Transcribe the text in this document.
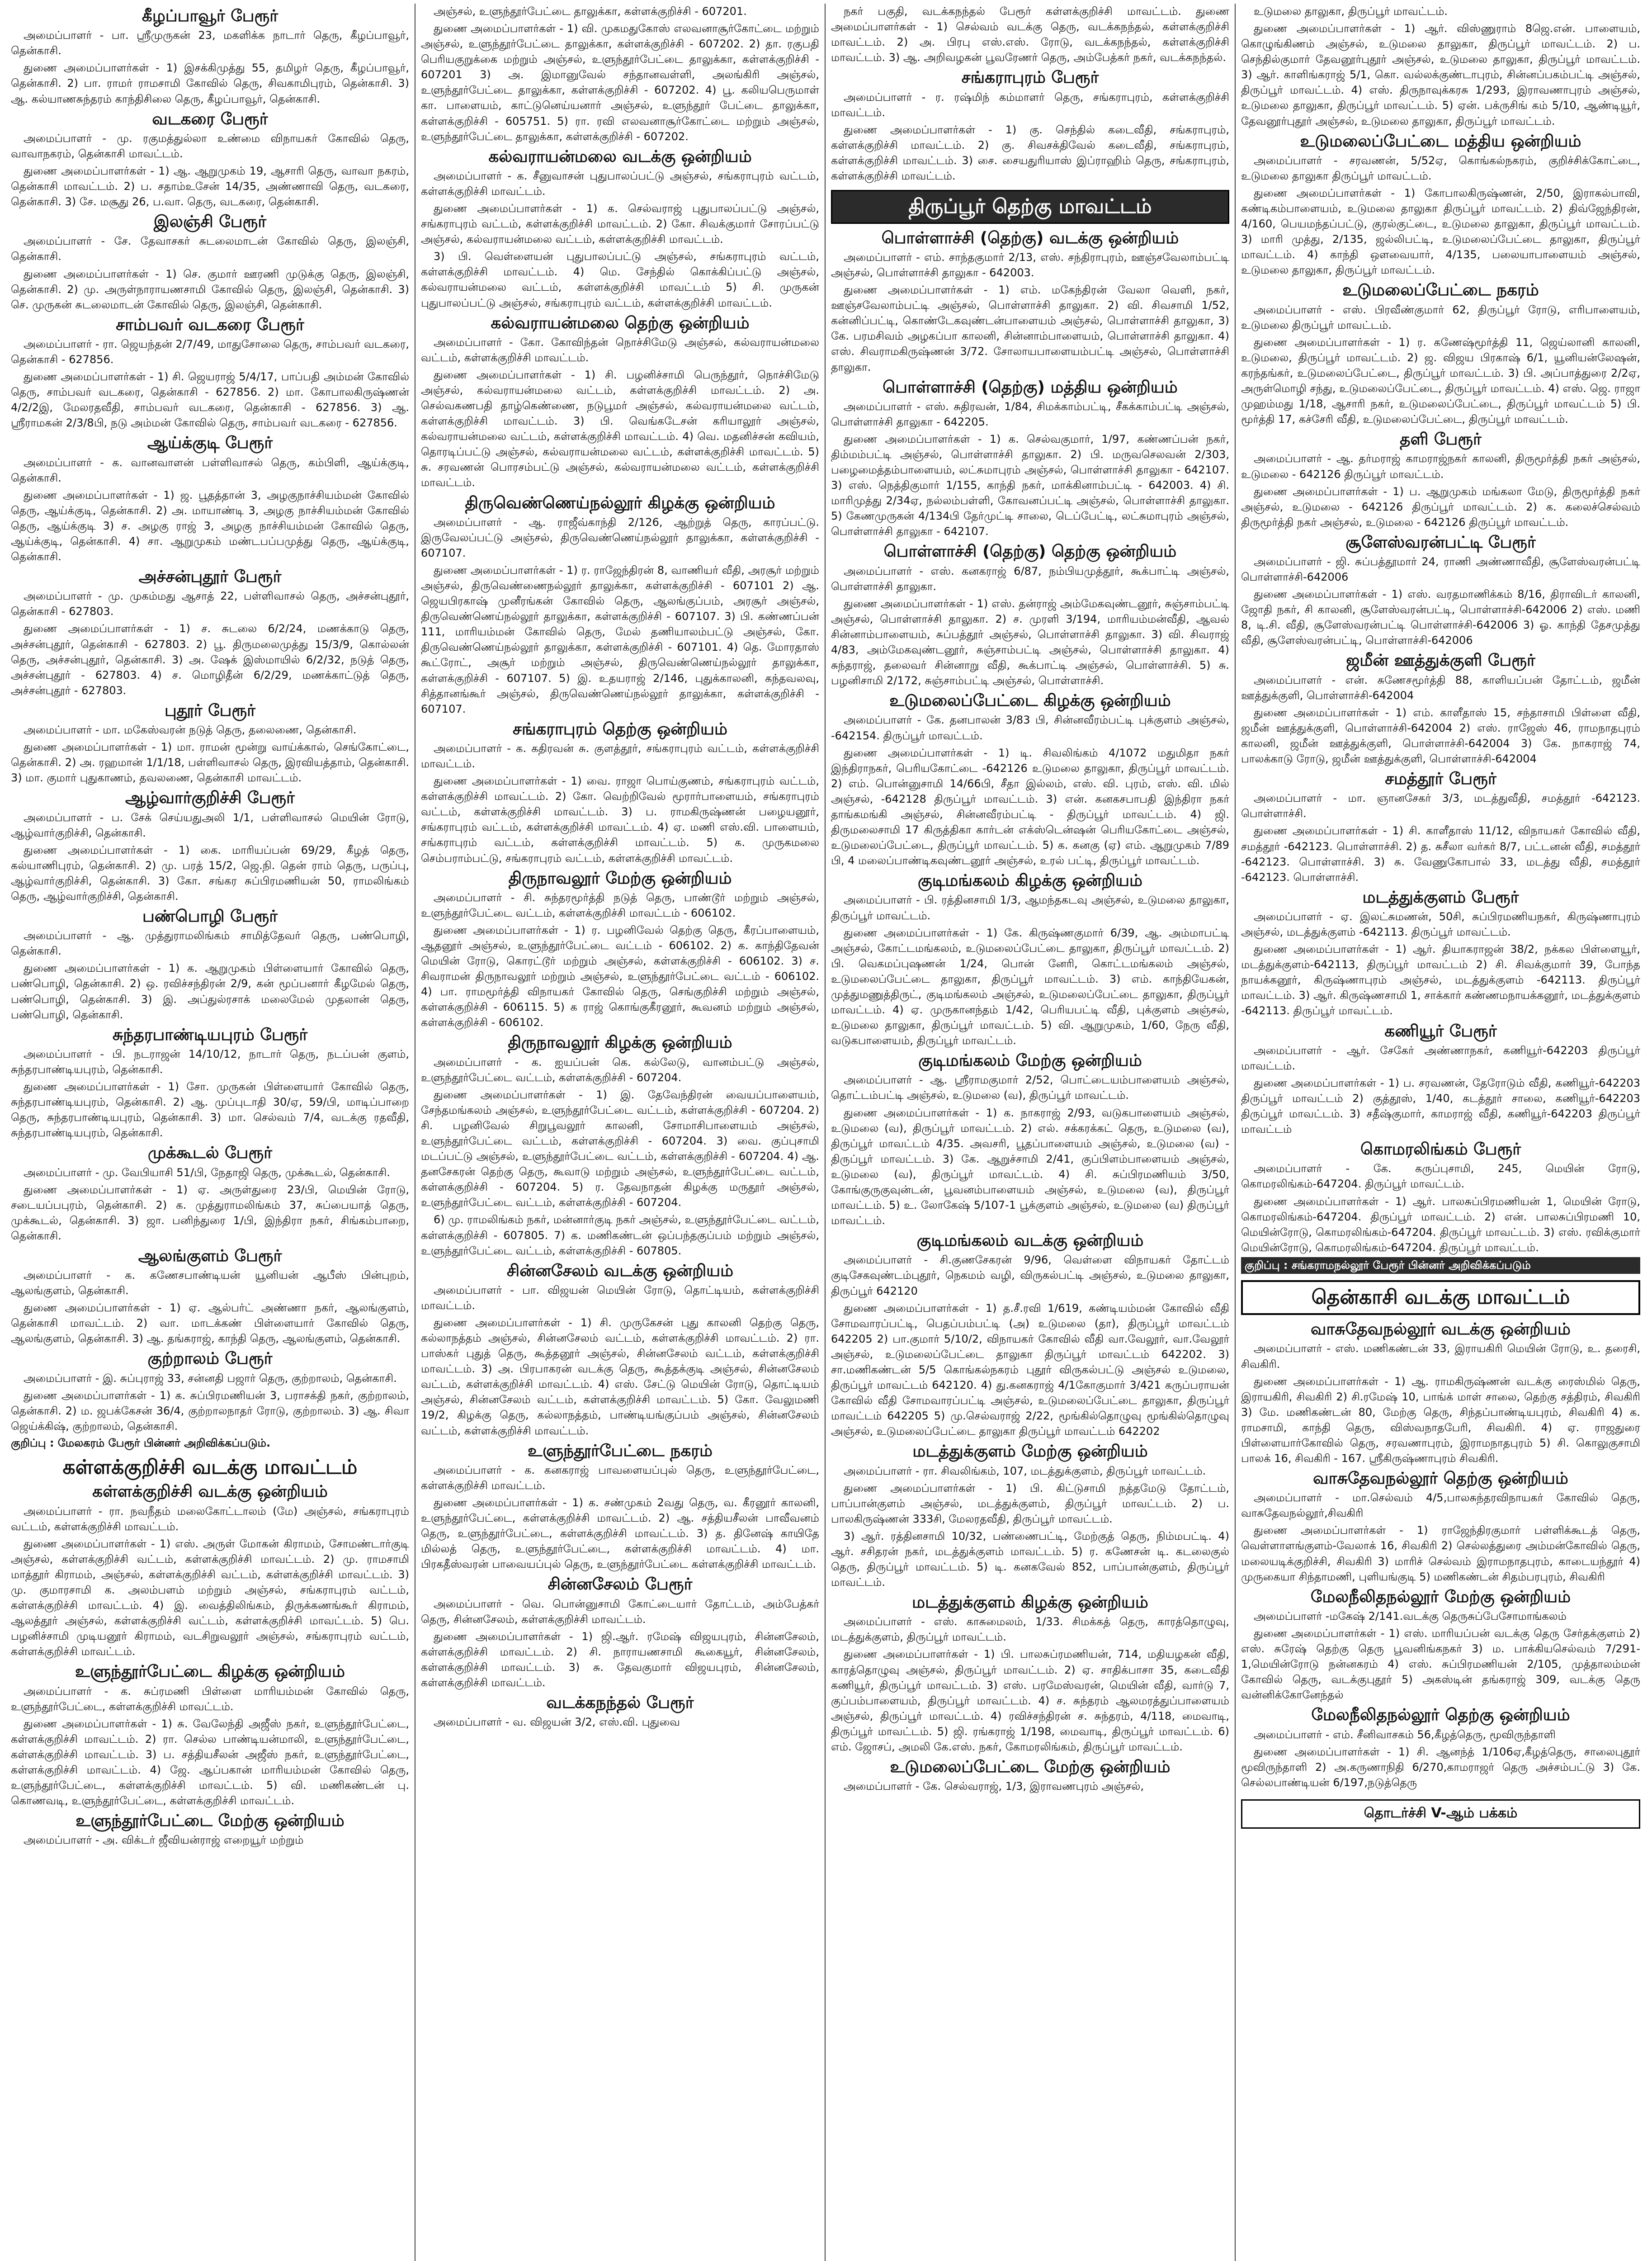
கீழப்பாவூர் பேரூர்

அமைப்பாளர் - பா. ஸ்ரீமுருகன் 23, மகளிக்க நாடார் தெரு, கீழப்பாவூர், தென்காசி.

துணை அமைப்பாளர்கள் - 1) இசக்கிமுத்து 55, தமிழர் தெரு, கீழப்பாவூர், தென்காசி. 2) பா. ராமர் ராமசாமி கோவில் தெரு, சிவகாமிபுரம், தென்காசி. 3) ஆ. கல்யாணசுந்தரம் காந்திசிலை தெரு, கீழப்பாவூர், தென்காசி.

வடகரை பேரூர்

அமைப்பாளர் - மு. ரகுமத்துல்லா உண்மை விநாயகர் கோவில் தெரு, வாவாநகரம், தென்காசி மாவட்டம்.

துணை அமைப்பாளர்கள் - 1) ஆ. ஆறுமுகம் 19, ஆசாரி தெரு, வாவா நகரம், தென்காசி மாவட்டம். 2) ப. சதாம்உசேன் 14/35, அண்ணாவி தெரு, வடகரை, தென்காசி. 3) சே. மசூது 26, ப.வா. தெரு, வடகரை, தென்காசி.

இலஞ்சி பேரூர்

அமைப்பாளர் - சே. தேவாசகர் சுடலைமாடன் கோவில் தெரு, இலஞ்சி, தென்காசி.

துணை அமைப்பாளர்கள் - 1) செ. குமார் ஊரணி முடுக்கு தெரு, இலஞ்சி, தென்காசி. 2) மு. அருள்நாராயணசாமி கோவில் தெரு, இலஞ்சி, தென்காசி. 3) செ. முருகன் சுடலைமாடன் கோவில் தெரு, இலஞ்சி, தென்காசி.

சாம்பவர் வடகரை பேரூர்

அமைப்பாளர் - ரா. ஜெயந்தன் 2/7/49, மாதுசோலை தெரு, சாம்பவர் வடகரை, தென்காசி - 627856.

துணை அமைப்பாளர்கள் - 1) சி. ஜெயராஜ் 5/4/17, பாப்பதி அம்மன் கோவில் தெரு, சாம்பவர் வடகரை, தென்காசி - 627856. 2) மா. கோபாலகிருஷ்ணன் 4/2/2இ, மேலரதவீதி, சாம்பவர் வடகரை, தென்காசி - 627856. 3) ஆ. ஸ்ரீராமகன் 2/3/8பி, நடு அம்மன் கோவில் தெரு, சாம்பவர் வடகரை - 627856.

ஆய்க்குடி பேரூர்

அமைப்பாளர் - க. வானவாளன் பள்ளிவாசல் தெரு, கம்பிளி, ஆய்க்குடி, தென்காசி.

துணை அமைப்பாளர்கள் - 1) ஜ. பூதத்தான் 3, அழகுநாச்சியம்மன் கோவில் தெரு, ஆய்க்குடி, தென்காசி. 2) அ. மாயாண்டி 3, அழகு நாச்சியம்மன் கோவில் தெரு, ஆய்க்குடி 3) ச. அழகு ராஜ் 3, அழகு நாச்சியம்மன் கோவில் தெரு, ஆய்க்குடி, தென்காசி. 4) சா. ஆறுமுகம் மண்டபப்பமுத்து தெரு, ஆய்க்குடி, தென்காசி.

அச்சன்புதூர் பேரூர்

அமைப்பாளர் - மு. முகம்மது ஆசாத் 22, பள்ளிவாசல் தெரு, அச்சன்புதூர், தென்காசி - 627803.

துணை அமைப்பாளர்கள் - 1) ச. சுடலை 6/2/24, மணக்காடு தெரு, அச்சன்புதூர், தென்காசி - 627803. 2) பூ. திருமலைமுத்து 15/3/9, கொல்லன் தெரு, அச்சன்புதூர், தென்காசி. 3) அ. ஷேக் இஸ்மாயில் 6/2/32, நடுத் தெரு, அச்சன்புதூர் - 627803. 4) ச. மொழிதீன் 6/2/29, மணக்காட்டுத் தெரு, அச்சன்புதூர் - 627803.

புதூர் பேரூர்

அமைப்பாளர் - மா. மகேஸ்வரன் நடுத் தெரு, தலைணை, தென்காசி.

துணை அமைப்பாளர்கள் - 1) மா. ராமன் மூன்று வாய்க்கால், செங்கோட்டை, தென்காசி. 2) அ. ரஹமான் 1/1/18, பள்ளிவாசல் தெரு, இரவியத்தாம், தென்காசி. 3) மா. குமார் புதுகாணம், தவலணை, தென்காசி மாவட்டம்.

ஆழ்வார்குறிச்சி பேரூர்

அமைப்பாளர் - ப. சேக் செய்யதுஅலி 1/1, பள்ளிவாசல் மெயின் ரோடு, ஆழ்வார்குறிச்சி, தென்காசி.

துணை அமைப்பாளர்கள் - 1) கை. மாரியப்பன் 69/29, கீழத் தெரு, கல்யாணிபுரம், தென்காசி. 2) மு. பரத் 15/2, ஜெ.நி. தென் ராம் தெரு, பருப்பு, ஆழ்வார்குறிச்சி, தென்காசி. 3) கோ. சங்கர சுப்பிரமணியன் 50, ராமலிங்கம் தெரு, ஆழ்வார்குறிச்சி, தென்காசி.

பண்பொழி பேரூர்

அமைப்பாளர் - ஆ. முத்துராமலிங்கம் சாமித்தேவர் தெரு, பண்பொழி, தென்காசி.

துணை அமைப்பாளர்கள் - 1) க. ஆறுமுகம் பிள்ளையார் கோவில் தெரு, பண்பொழி, தென்காசி. 2) ஒ. ரவிச்சந்திரன் 2/9, கன் மூப்பனார் கீழமேல் தெரு, பண்பொழி, தென்காசி. 3) இ. அப்துல்ரசாக் மலைமேல் முதலான் தெரு, பண்பொழி, தென்காசி.

சுந்தரபாண்டியபுரம் பேரூர்

அமைப்பாளர் - பி. நடராஜன் 14/10/12, நாடார் தெரு, நடப்பன் குளம், சுந்தரபாண்டியபுரம், தென்காசி.

துணை அமைப்பாளர்கள் - 1) சோ. முருகன் பிள்ளையார் கோவில் தெரு, சுந்தரபாண்டியபுரம், தென்காசி. 2) ஆ. முப்புடாதி 30/ஏ, 59/பி, மாடிப்பாறை தெரு, சுந்தரபாண்டியபுரம், தென்காசி. 3) மா. செல்வம் 7/4, வடக்கு ரதவீதி, சுந்தரபாண்டியபுரம், தென்காசி.

முக்கூடல் பேரூர்

அமைப்பாளர் - மு. வேபியாசி 51/பி, நேதாஜி தெரு, முக்கூடல், தென்காசி.

துணை அமைப்பாளர்கள் - 1) ஏ. அருள்துரை 23/பி, மெயின் ரோடு, சடையப்பபுரம், தென்காசி. 2) க. முத்துராமலிங்கம் 37, சுப்பையாத் தெரு, முக்கூடல், தென்காசி. 3) ஜா. பனிந்துரை 1/பி, இந்திரா நகர், சிங்கம்பாறை, தென்காசி.

ஆலங்குளம் பேரூர்

அமைப்பாளர் - க. கணேசபாண்டியன் யூனியன் ஆபீஸ் பின்புறம், ஆலங்குளம், தென்காசி.

துணை அமைப்பாளர்கள் - 1) ஏ. ஆல்பர்ட் அண்ணா நகர், ஆலங்குளம், தென்காசி மாவட்டம். 2) வா. மாடக்கண் பிள்ளையார் கோவில் தெரு, ஆலங்குளம், தென்காசி. 3) ஆ. தங்கராஜ், காந்தி தெரு, ஆலங்குளம், தென்காசி.

குற்றாலம் பேரூர்

அமைப்பாளர் - இ. சுப்புராஜ் 33, சன்னதி பஜார் தெரு, குற்றாலம், தென்காசி.

துணை அமைப்பாளர்கள் - 1) க. சுப்பிரமணியன் 3, பராசக்தி நகர், குற்றாலம், தென்காசி. 2) ம. ஜபக்கேசன் 36/4, குற்றாலநாதர் ரோடு, குற்றாலம். 3) ஆ. சிவா ஜெய்க்கிஷ், குற்றாலம், தென்காசி.

குறிப்பு : மேலகரம் பேரூர் பின்னர் அறிவிக்கப்படும்.
கள்ளக்குறிச்சி வடக்கு மாவட்டம்
கள்ளக்குறிச்சி வடக்கு ஒன்றியம்

அமைப்பாளர் - ரா. நவநீதம் மலைகோட்டாலம் (மே) அஞ்சல், சங்கராபுரம் வட்டம், கள்ளக்குறிச்சி மாவட்டம்.

துணை அமைப்பாளர்கள் - 1) எஸ். அருள் மோகன் கிராமம், சோமண்டார்குடி அஞ்சல், கள்ளக்குறிச்சி வட்டம், கள்ளக்குறிச்சி மாவட்டம். 2) மு. ராமசாமி மாத்தூர் கிராமம், அஞ்சல், கள்ளக்குறிச்சி வட்டம், கள்ளக்குறிச்சி மாவட்டம். 3) மு. குமாரசாமி க. அலம்பளம் மற்றும் அஞ்சல், சங்கராபுரம் வட்டம், கள்ளக்குறிச்சி மாவட்டம். 4) இ. வைத்திலிங்கம், திருக்கணங்கூர் கிராமம், ஆலத்தூர் அஞ்சல், கள்ளக்குறிச்சி வட்டம், கள்ளக்குறிச்சி மாவட்டம். 5) பெ. பழனிச்சாமி முடியனூர் கிராமம், வடசிறுவலூர் அஞ்சல், சங்கராபுரம் வட்டம், கள்ளக்குறிச்சி மாவட்டம்.

உளுந்தூர்பேட்டை கிழக்கு ஒன்றியம்

அமைப்பாளர் - க. சுப்ரமணி பிள்ளை மாரியம்மன் கோவில் தெரு, உளுந்தூர்பேட்டை, கள்ளக்குறிச்சி மாவட்டம்.

துணை அமைப்பாளர்கள் - 1) சு. வேலேந்தி அஜீஸ் நகர், உளுந்தூர்பேட்டை, கள்ளக்குறிச்சி மாவட்டம். 2) ரா. செல்ல பாண்டியன்மாலி, உளுந்தூர்பேட்டை, கள்ளக்குறிச்சி மாவட்டம். 3) ப. சத்தியசீலன் அஜீஸ் நகர், உளுந்தூர்பேட்டை, கள்ளக்குறிச்சி மாவட்டம். 4) ஜே. ஆப்பகான் மாரியம்மன் கோவில் தெரு, உளுந்தூர்பேட்டை, கள்ளக்குறிச்சி மாவட்டம். 5) வி. மணிகண்டன் பு. கொணவடி, உளுந்தூர்பேட்டை, கள்ளக்குறிச்சி மாவட்டம்.

உளுந்தூர்பேட்டை மேற்கு ஒன்றியம்

அமைப்பாளர் - அ. விக்டர் ஜீவியன்ராஜ் எறையூர் மற்றும்

அஞ்சல், உளுந்தூர்பேட்டை தாலுக்கா, கள்ளக்குறிச்சி - 607201.

துணை அமைப்பாளர்கள் - 1) வி. முகமதுகோஸ் எலவனாசூர்கோட்டை மற்றும் அஞ்சல், உளுந்தூர்பேட்டை தாலுக்கா, கள்ளக்குறிச்சி - 607202. 2) தா. ரகுபதி பெரியகுறுக்கை மற்றும் அஞ்சல், உளுந்தூர்பேட்டை தாலுக்கா, கள்ளக்குறிச்சி - 607201 3) அ. இமானுவேல் சந்தானவள்ளி, அலங்கிரி அஞ்சல், உளுந்தூர்பேட்டை தாலுக்கா, கள்ளக்குறிச்சி - 607202. 4) பூ. கலியபெருமாள் கா. பாளையம், காட்டுனெய்யனார் அஞ்சல், உளுந்தூர் பேட்டை தாலுக்கா, கள்ளக்குறிச்சி - 605751. 5) ரா. ரவி எலவனாசூர்கோட்டை மற்றும் அஞ்சல், உளுந்தூர்பேட்டை தாலுக்கா, கள்ளக்குறிச்சி - 607202.

கல்வராயன்மலை வடக்கு ஒன்றியம்

அமைப்பாளர் - க. சீனுவாசன் புதுபாலப்பட்டு அஞ்சல், சங்கராபுரம் வட்டம், கள்ளக்குறிச்சி மாவட்டம்.

துணை அமைப்பாளர்கள் - 1) க. செல்வராஜ் புதுபாலப்பட்டு அஞ்சல், சங்கராபுரம் வட்டம், கள்ளக்குறிச்சி மாவட்டம். 2) கோ. சிவக்குமார் சோரப்பட்டு அஞ்சல், கல்வராயன்மலை வட்டம், கள்ளக்குறிச்சி மாவட்டம்.

3) பி. வெள்ளையன் புதுபாலப்பட்டு அஞ்சல், சங்கராபுரம் வட்டம், கள்ளக்குறிச்சி மாவட்டம். 4) மெ. சேந்தில் கொக்கிப்பட்டு அஞ்சல், கல்வராயன்மலை வட்டம், கள்ளக்குறிச்சி மாவட்டம் 5) சி. முருகன் புதுபாலப்பட்டு அஞ்சல், சங்கராபுரம் வட்டம், கள்ளக்குறிச்சி மாவட்டம்.

கல்வராயன்மலை தெற்கு ஒன்றியம்

அமைப்பாளர் - கோ. கோவிந்தன் நொச்சிமேடு அஞ்சல், கல்வராயன்மலை வட்டம், கள்ளக்குறிச்சி மாவட்டம்.

துணை அமைப்பாளர்கள் - 1) சி. பழனிச்சாமி பெருந்தூர், நொச்சிமேடு அஞ்சல், கல்வராயன்மலை வட்டம், கள்ளக்குறிச்சி மாவட்டம். 2) அ. செல்வகணபதி தாழ்கெண்ணை, நடுபூமர் அஞ்சல், கல்வராயன்மலை வட்டம், கள்ளக்குறிச்சி மாவட்டம். 3) பி. வெங்கடேசன் கரியாலூர் அஞ்சல், கல்வராயன்மலை வட்டம், கள்ளக்குறிச்சி மாவட்டம். 4) வெ. மதனிச்சன் கவியம், தொரடிப்பட்டு அஞ்சல், கல்வராயன்மலை வட்டம், கள்ளக்குறிச்சி மாவட்டம். 5) சு. சரவணன் பொரசம்பட்டு அஞ்சல், கல்வராயன்மலை வட்டம், கள்ளக்குறிச்சி மாவட்டம்.

திருவெண்ணெய்நல்லூர் கிழக்கு ஒன்றியம்

அமைப்பாளர் - ஆ. ராஜீவ்காந்தி 2/126, ஆற்றுத் தெரு, காரப்பட்டு. இருவேலப்பட்டு அஞ்சல், திருவெண்ணெய்நல்லூர் தாலுக்கா, கள்ளக்குறிச்சி - 607107.

துணை அமைப்பாளர்கள் - 1) ர. ராஜேந்திரன் 8, வாணியர் வீதி, அரசூர் மற்றும் அஞ்சல், திருவெண்ணைநல்லூர் தாலுக்கா, கள்ளக்குறிச்சி - 607101 2) ஆ. ஜெயபிரகாஷ் முனீரங்கன் கோவில் தெரு, ஆலங்குப்பம், அரசூர் அஞ்சல், திருவெண்ணெய்நல்லூர் தாலுக்கா, கள்ளக்குறிச்சி - 607107. 3) பி. கண்ணப்பன் 111, மாரியம்மன் கோவில் தெரு, மேல் தணியாலம்பட்டு அஞ்சல், கோ. திருவெண்ணெய்நல்லூர் தாலுக்கா, கள்ளக்குறிச்சி - 607101. 4) தெ. மோரதாஸ் கூட்ரோட், அசூர் மற்றும் அஞ்சல், திருவெண்ணெய்நல்லூர் தாலுக்கா, கள்ளக்குறிச்சி - 607107. 5) இ. உதயராஜ் 2/146, புதுக்காலனி, கந்தவலவு, சித்தானங்கூர் அஞ்சல், திருவெண்ணெய்நல்லூர் தாலுக்கா, கள்ளக்குறிச்சி - 607107.

சங்கராபுரம் தெற்கு ஒன்றியம்

அமைப்பாளர் - க. கதிரவன் சு. குளத்தூர், சங்கராபுரம் வட்டம், கள்ளக்குறிச்சி மாவட்டம்.

துணை அமைப்பாளர்கள் - 1) வை. ராஜா பொய்குணம், சங்கராபுரம் வட்டம், கள்ளக்குறிச்சி மாவட்டம். 2) கோ. வெற்றிவேல் மூரார்பாளையம், சங்கராபுரம் வட்டம், கள்ளக்குறிச்சி மாவட்டம். 3) ப. ராமகிருஷ்ணன் பழையனூர், சங்கராபுரம் வட்டம், கள்ளக்குறிச்சி மாவட்டம். 4) ஏ. மணி எஸ்.வி. பாளையம், சங்கராபுரம் வட்டம், கள்ளக்குறிச்சி மாவட்டம். 5) க. முருகமலை செம்பராம்பட்டு, சங்கராபுரம் வட்டம், கள்ளக்குறிச்சி மாவட்டம்.

திருநாவலூர் மேற்கு ஒன்றியம்

அமைப்பாளர் - சி. சுந்தரமூர்த்தி நடுத் தெரு, பாண்டூர் மற்றும் அஞ்சல், உளுந்தூர்பேட்டை வட்டம், கள்ளக்குறிச்சி மாவட்டம் - 606102.

துணை அமைப்பாளர்கள் - 1) ர. பழனிவேல் தெற்கு தெரு, கீரப்பாளையம், ஆதனூர் அஞ்சல், உளுந்தூர்பேட்டை வட்டம் - 606102. 2) க. காந்திதேவன் மெயின் ரோடு, கொரட்டூர் மற்றும் அஞ்சல், கள்ளக்குறிச்சி - 606102. 3) ச. சிவராமன் திருநாவலூர் மற்றும் அஞ்சல், உளுந்தூர்பேட்டை வட்டம் - 606102. 4) பா. ராமமூர்த்தி விநாயகர் கோவில் தெரு, செங்குறிச்சி மற்றும் அஞ்சல், கள்ளக்குறிச்சி - 606115. 5) க ராஜ் கொங்குகீரனூர், கூவனம் மற்றும் அஞ்சல், கள்ளக்குறிச்சி - 606102.

திருநாவலூர் கிழக்கு ஒன்றியம்

அமைப்பாளர் - க. ஐயப்பன் கெ. கல்லேடு, வானம்பட்டு அஞ்சல், உளுந்தூர்பேட்டை வட்டம், கள்ளக்குறிச்சி - 607204.

துணை அமைப்பாளர்கள் - 1) இ. தேவேந்திரன் வையப்பாளையம், சேந்தமங்கலம் அஞ்சல், உளுந்தூர்பேட்டை வட்டம், கள்ளக்குறிச்சி - 607204. 2) சி. பழனிவேல் சிறுபூவலூர் காலனி, சோமாசிபாளையம் அஞ்சல், உளுந்தூர்பேட்டை வட்டம், கள்ளக்குறிச்சி - 607204. 3) வை. குப்புசாமி மடப்பட்டு அஞ்சல், உளுந்தூர்பேட்டை வட்டம், கள்ளக்குறிச்சி - 607204. 4) ஆ. தனசேகரன் தெற்கு தெரு, கூவாடு மற்றும் அஞ்சல், உளுந்தூர்பேட்டை வட்டம், கள்ளக்குறிச்சி - 607204. 5) ர. தேவநாதன் கிழக்கு மருதூர் அஞ்சல், உளுந்தூர்பேட்டை வட்டம், கள்ளக்குறிச்சி - 607204.

6) மு. ராமலிங்கம் நகர், மன்னார்குடி நகர் அஞ்சல், உளுந்தூர்பேட்டை வட்டம், கள்ளக்குறிச்சி - 607805. 7) க. மணிகண்டன் ஒப்பந்தகுப்பம் மற்றும் அஞ்சல், உளுந்தூர்பேட்டை வட்டம், கள்ளக்குறிச்சி - 607805.

சின்னசேலம் வடக்கு ஒன்றியம்

அமைப்பாளர் - பா. விஜயன் மெயின் ரோடு, தொட்டியம், கள்ளக்குறிச்சி மாவட்டம்.

துணை அமைப்பாளர்கள் - 1) சி. முருகேசன் புது காலனி தெற்கு தெரு, கல்லாநத்தம் அஞ்சல், சின்னசேலம் வட்டம், கள்ளக்குறிச்சி மாவட்டம். 2) ரா. பாஸ்கர் புதுத் தெரு, கூத்தனூர் அஞ்சல், சின்னசேலம் வட்டம், கள்ளக்குறிச்சி மாவட்டம். 3) அ. பிரபாகரன் வடக்கு தெரு, கூத்தக்குடி அஞ்சல், சின்னசேலம் வட்டம், கள்ளக்குறிச்சி மாவட்டம். 4) எஸ். சேட்டு மெயின் ரோடு, தொட்டியம் அஞ்சல், சின்னசேலம் வட்டம், கள்ளக்குறிச்சி மாவட்டம். 5) கோ. வேலுமணி 19/2, கிழக்கு தெரு, கல்லாநத்தம், பாண்டியங்குப்பம் அஞ்சல், சின்னசேலம் வட்டம், கள்ளக்குறிச்சி மாவட்டம்.

உளுந்தூர்பேட்டை நகரம்

அமைப்பாளர் - க. கனகராஜ் பாவளையப்புல் தெரு, உளுந்தூர்பேட்டை, கள்ளக்குறிச்சி மாவட்டம்.

துணை அமைப்பாளர்கள் - 1) க. சண்முகம் 2வது தெரு, வ. கீரனூர் காலனி, உளுந்தூர்பேட்டை, கள்ளக்குறிச்சி மாவட்டம். 2) ஆ. சத்தியசீலன் பாவீவனம் தெரு, உளுந்தூர்பேட்டை, கள்ளக்குறிச்சி மாவட்டம். 3) த. தினேஷ் காயிதே மில்லத் தெரு, உளுந்தூர்பேட்டை, கள்ளக்குறிச்சி மாவட்டம். 4) மா. பிரகதீஸ்வரன் பாவையப்புல் தெரு, உளுந்தூர்பேட்டை கள்ளக்குறிச்சி மாவட்டம்.

சின்னசேலம் பேரூர்

அமைப்பாளர் - வெ. பொன்னுசாமி கோட்டையார் தோட்டம், அம்பேத்கர் தெரு, சின்னசேலம், கள்ளக்குறிச்சி மாவட்டம்.

துணை அமைப்பாளர்கள் - 1) ஜி.ஆர். ரமேஷ் விஜயபுரம், சின்னசேலம், கள்ளக்குறிச்சி மாவட்டம். 2) சி. நாராயணசாமி கூகையூர், சின்னசேலம், கள்ளக்குறிச்சி மாவட்டம். 3) சு. தேவகுமார் விஜயபுரம், சின்னசேலம், கள்ளக்குறிச்சி மாவட்டம்.

வடக்கநந்தல் பேரூர்

அமைப்பாளர் - வ. விஜயன் 3/2, எஸ்.வி. புதுவை

நகர் பகுதி, வடக்கநந்தல் பேரூர் கள்ளக்குறிச்சி மாவட்டம். துணை அமைப்பாளர்கள் - 1) செல்வம் வடக்கு தெரு, வடக்கநந்தல், கள்ளக்குறிச்சி மாவட்டம். 2) அ. பிரபு எஸ்.எஸ். ரோடு, வடக்கநந்தல், கள்ளக்குறிச்சி மாவட்டம். 3) ஆ. அறிவழகன் பூவரேணர் தெரு, அம்பேத்கர் நகர், வடக்கநந்தல்.

சங்கராபுரம் பேரூர்

அமைப்பாளர் - ர. ரஷ்மிந் கம்மாளர் தெரு, சங்கராபுரம், கள்ளக்குறிச்சி மாவட்டம்.

துணை அமைப்பாளர்கள் - 1) கு. செந்தில் கடைவீதி, சங்கராபுரம், கள்ளக்குறிச்சி மாவட்டம். 2) கு. சிவசக்திவேல் கடைவீதி, சங்கராபுரம், கள்ளக்குறிச்சி மாவட்டம். 3) சை. சையதுரியாஸ் இப்ராஹிம் தெரு, சங்கராபுரம், கள்ளக்குறிச்சி மாவட்டம்.

திருப்பூர் தெற்கு மாவட்டம்
பொள்ளாச்சி (தெற்கு) வடக்கு ஒன்றியம்

அமைப்பாளர் - எம். சாந்தகுமார் 2/13, எஸ். சந்திராபுரம், ஊஞ்சவேலாம்பட்டி அஞ்சல், பொள்ளாச்சி தாலுகா - 642003.

துணை அமைப்பாளர்கள் - 1) எம். மகேந்திரன் வேலா வெளி, நகர், ஊஞ்சவேலாம்பட்டி அஞ்சல், பொள்ளாச்சி தாலுகா. 2) வி. சிவசாமி 1/52, கன்னிப்பட்டி, கொண்டேகவுண்டன்பாளையம் அஞ்சல், பொள்ளாச்சி தாலுகா, 3) கே. பரமசிவம் அழகப்பா காலனி, சின்னாம்பாளையம், பொள்ளாச்சி தாலுகா. 4) எஸ். சிவராமகிருஷ்ணன் 3/72. சோலாயபாளையம்பட்டி அஞ்சல், பொள்ளாச்சி தாலுகா.

பொள்ளாச்சி (தெற்கு) மத்திய ஒன்றியம்

அமைப்பாளர் - எஸ். சுதிரவன், 1/84, சிமக்காம்பட்டி, சீகக்காம்பட்டி அஞ்சல், பொள்ளாச்சி தாலுகா - 642205.

துணை அமைப்பாளர்கள் - 1) க. செல்வகுமார், 1/97, கண்ணப்பன் நகர், திம்மம்பட்டி அஞ்சல், பொள்ளாச்சி தாலுகா. 2) பி. மருவசெலவன் 2/303, பழைமைத்தம்பாளையம், லட்சுமாபுரம் அஞ்சல், பொள்ளாச்சி தாலுகா - 642107. 3) எஸ். நெத்திகுமார் 1/155, காந்தி நகர், மாக்கினாம்பட்டி - 642003. 4) சி. மாரிமுத்து 2/34ஏ, நல்லம்பள்ளி, கோவனப்பட்டி அஞ்சல், பொள்ளாச்சி தாலுகா. 5) கேணமுருகன் 4/134பி தேர்முட்டி சாலை, டெப்பேட்டி, லட்சுமாபுரம் அஞ்சல், பொள்ளாச்சி தாலுகா - 642107.

பொள்ளாச்சி (தெற்கு) தெற்கு ஒன்றியம்

அமைப்பாளர் - எஸ். கனகராஜ் 6/87, நம்பியமுத்தூர், கூக்பாட்டி அஞ்சல், பொள்ளாச்சி தாலுகா.

துணை அமைப்பாளர்கள் - 1) எஸ். தன்ராஜ் அம்மேகவுண்டனூர், சுஞ்சாம்பட்டி அஞ்சல், பொள்ளாச்சி தாலுகா. 2) ச. முரளி 3/194, மாரியம்மன்வீதி, ஆவல் சின்னாம்பாளையம், சுப்பத்தூர் அஞ்சல், பொள்ளாச்சி தாலுகா. 3) வி. சிவராஜ் 4/83, அம்மேகவுண்டனூர், சுஞ்சாம்பட்டி அஞ்சல், பொள்ளாச்சி தாலுகா. 4) சுந்தராஜ், தலைவர் சின்னாறு வீதி, கூக்பாட்டி அஞ்சல், பொள்ளாச்சி. 5) சு. பழனிசாமி 2/172, சுஞ்சாம்பட்டி அஞ்சல், பொள்ளாச்சி.

உடுமலைப்பேட்டை கிழக்கு ஒன்றியம்

அமைப்பாளர் - கே. தனபாலன் 3/83 பி, சின்னவீரம்பட்டி புக்குளம் அஞ்சல், -642154. திருப்பூர் மாவட்டம்.

துணை அமைப்பாளர்கள் - 1) டி. சிவலிங்கம் 4/1072 மதுமிதா நகர் இந்திராநகர், பெரியகோட்டை -642126 உடுமலை தாலுகா, திருப்பூர் மாவட்டம். 2) எம். பொன்னுசாமி 14/66பி, சீதா இல்லம், எஸ். வி. புரம், எஸ். வி. மில் அஞ்சல், -642128 திருப்பூர் மாவட்டம். 3) என். கனகசபாபதி இந்திரா நகர் தாங்கமங்கி அஞ்சல், சின்னவீரம்பட்டி - திருப்பூர் மாவட்டம். 4) ஜி. திருமலைசாமி 17 கிருத்திகா கார்டன் எக்ஸ்டென்ஷன் பெரியகோட்டை அஞ்சல், உடுமலைப்பேட்டை, திருப்பூர் மாவட்டம். 5) க. கனகு (ஏ) எம். ஆறுமுகம் 7/89 பி, 4 மலைப்பாண்டிகவுண்டனூர் அஞ்சல், உரல் பட்டி, திருப்பூர் மாவட்டம்.

குடிமங்கலம் கிழக்கு ஒன்றியம்

அமைப்பாளர் - பி. ரத்தினசாமி 1/3, ஆமந்தகடவு அஞ்சல், உடுமலை தாலுகா, திருப்பூர் மாவட்டம்.

துணை அமைப்பாளர்கள் - 1) கே. கிருஷ்ணகுமார் 6/39, ஆ. அம்மாபட்டி அஞ்சல், கோட்டமங்கலம், உடுமலைப்பேட்டை தாலுகா, திருப்பூர் மாவட்டம். 2) பி. வெகமப்புஷணன் 1/24, பொன் னேரி, கொட்டமங்கலம் அஞ்சல், உடுமலைப்பேட்டை தாலுகா, திருப்பூர் மாவட்டம். 3) எம். காந்தியேகன், முத்துமணுத்திருட், குடிமங்கலம் அஞ்சல், உடுமலைப்பேட்டை தாலுகா, திருப்பூர் மாவட்டம். 4) ஏ. முருகானந்தம் 1/42, பெரியபட்டி வீதி, புக்குளம் அஞ்சல், உடுமலை தாலுகா, திருப்பூர் மாவட்டம். 5) வி. ஆறுமுகம், 1/60, நேரு வீதி, வடுகபாளையம், திருப்பூர் மாவட்டம்.

குடிமங்கலம் மேற்கு ஒன்றியம்

அமைப்பாளர் - ஆ. ஸ்ரீராமகுமார் 2/52, பொட்டையம்பாளையம் அஞ்சல், தொட்டம்பட்டி அஞ்சல், உடுமலை (வ), திருப்பூர் மாவட்டம்.

துணை அமைப்பாளர்கள் - 1) க. நாகராஜ் 2/93, வடுகபாளையம் அஞ்சல், உடுமலை (வ), திருப்பூர் மாவட்டம். 2) எல். சக்கரக்கட் தெரு, உடுமலை (வ), திருப்பூர் மாவட்டம் 4/35. அவசரி, பூதப்பாளையம் அஞ்சல், உடுமலை (வ) - திருப்பூர் மாவட்டம். 3) கே. ஆறுச்சாமி 2/41, குப்பிளம்பாளையம் அஞ்சல், உடுமலை (வ), திருப்பூர் மாவட்டம். 4) சி. சுப்பிரமணியம் 3/50, கோங்குருகுவுன்டன், பூவனம்பாளையம் அஞ்சல், உடுமலை (வ), திருப்பூர் மாவட்டம். 5) உ. லோகேஷ் 5/107-1 பூக்குளம் அஞ்சல், உடுமலை (வ) திருப்பூர் மாவட்டம்.

குடிமங்கலம் வடக்கு ஒன்றியம்

அமைப்பாளர் - சி.குணசேகரன் 9/96, வெள்ளை விநாயகர் தோட்டம் குடிசேகவுண்டம்புதூர், நெகமம் வழி, விருகல்பட்டி அஞ்சல், உடுமலை தாலுகா, திருப்பூர் 642120

துணை அமைப்பாளர்கள் - 1) த.சீ.ரவி 1/619, கண்டியம்மன் கோவில் வீதி சோமவாரப்பட்டி, பெதப்பம்பட்டி (அ) உடுமலை (தா), திருப்பூர் மாவட்டம் 642205 2) பா.குமார் 5/10/2, விநாயகர் கோவில் வீதி வா.வேலூர், வா.வேலூர் அஞ்சல், உடுமலைப்பேட்டை தாலுகா திருப்பூர் மாவட்டம் 642202. 3) சா.மணிகண்டன் 5/5 கொங்கல்நகரம் புதூர் விருகல்பட்டு அஞ்சல் உடுமலை, திருப்பூர் மாவட்டம் 642120. 4) து.கனகராஜ் 4/1கோகுமார் 3/421 கருப்பராயன் கோவில் வீதி சோமவாரப்பட்டி அஞ்சல், உடுமலைப்பேட்டை தாலுகா, திருப்பூர் மாவட்டம் 642205 5) மு.செல்வராஜ் 2/22, மூங்கில்தொழுவு மூங்கில்தொழுவு அஞ்சல், உடுமலைப்பேட்டை தாலுகா திருப்பூர் மாவட்டம் 642202

மடத்துக்குளம் மேற்கு ஒன்றியம்

அமைப்பாளர் - ரா. சிவலிங்கம், 107, மடத்துக்குளம், திருப்பூர் மாவட்டம்.

துணை அமைப்பாளர்கள் - 1) பி. கிட்டுசாமி நத்தமேடு தோட்டம், பாப்பான்குளம் அஞ்சல், மடத்துக்குளம், திருப்பூர் மாவட்டம். 2) ப. பாலகிருஷ்ணன் 333சி, மேலரதவீதி, திருப்பூர் மாவட்டம்.

3) ஆர். ரத்தினசாமி 10/32, பண்ணைபட்டி, மேற்குத் தெரு, நிம்மபட்டி. 4) ஆர். சசிதரன் நகர், மடத்துக்குளம் மாவட்டம். 5) ர. கணேசன் டி. கடலைகுல் தெரு, திருப்பூர் மாவட்டம். 5) டி. கனகவேல் 852, பாப்பான்குளம், திருப்பூர் மாவட்டம்.

மடத்துக்குளம் கிழக்கு ஒன்றியம்

அமைப்பாளர் - எஸ். காசுமைலம், 1/33. சிமக்கத் தெரு, காரத்தொழுவு, மடத்துக்குளம், திருப்பூர் மாவட்டம்.

துணை அமைப்பாளர்கள் - 1) பி. பாலசுப்ரமணியன், 714, மதியழகன் வீதி, காரத்தொழுவு அஞ்சல், திருப்பூர் மாவட்டம். 2) ஏ. சாதிக்பாசா 35, கடைவீதி கணியூர், திருப்பூர் மாவட்டம். 3) எஸ். பரமேஸ்வரன், மெயின் வீதி, வார்டு 7, குப்பம்பாளையம், திருப்பூர் மாவட்டம். 4) ச. சுந்தரம் ஆலமரத்துப்பாளையம் அஞ்சல், திருப்பூர் மாவட்டம். 4) ரவிச்சந்திரன் ச. சுந்தரம், 4/118, மைவாடி, திருப்பூர் மாவட்டம். 5) ஜி. ரங்கராஜ் 1/198, மைவாடி, திருப்பூர் மாவட்டம். 6) எம். ஜோசப், அமலி கே.எஸ். நகர், கோமரலிங்கம், திருப்பூர் மாவட்டம்.

உடுமலைப்பேட்டை மேற்கு ஒன்றியம்

அமைப்பாளர் - கே. செல்வராஜ், 1/3, இராவணபுரம் அஞ்சல்,

உடுமலை தாலுகா, திருப்பூர் மாவட்டம்.

துணை அமைப்பாளர்கள் - 1) ஆர். விஸ்ணுராம் 8ஜெ.என். பாளையம், கொழுங்கிணம் அஞ்சல், உடுமலை தாலுகா, திருப்பூர் மாவட்டம். 2) ப. செந்தில்குமார் தேவனூர்புதூர் அஞ்சல், உடுமலை தாலுகா, திருப்பூர் மாவட்டம். 3) ஆர். காளிங்கராஜ் 5/1, கொ. வல்லக்குண்டாபுரம், சின்னப்பகம்பட்டி அஞ்சல், திருப்பூர் மாவட்டம். 4) எஸ். திருநாவுக்கரசு 1/293, இராவணாபுரம் அஞ்சல், உடுமலை தாலுகா, திருப்பூர் மாவட்டம். 5) ஏன். பக்ருசிங் கம் 5/10, ஆண்டியூர், தேவனூர்புதூர் அஞ்சல், உடுமலை தாலுகா, திருப்பூர் மாவட்டம்.

உடுமலைப்பேட்டை மத்திய ஒன்றியம்

அமைப்பாளர் - சரவணன், 5/52ஏ, கொங்கல்நகரம், குறிச்சிக்கோட்டை, உடுமலை தாலுகா திருப்பூர் மாவட்டம்.

துணை அமைப்பாளர்கள் - 1) கோபாலகிருஷ்ணன், 2/50, இராகல்பாவி, கண்டிகம்பாளையம், உடுமலை தாலுகா திருப்பூர் மாவட்டம். 2) திவ்ஜேந்திரன், 4/160, பெயமந்தப்பட்டு, குரல்குட்டை, உடுமலை தாலுகா, திருப்பூர் மாவட்டம். 3) மாரி முத்து, 2/135, ஜல்லிபட்டி, உடுமலைப்பேட்டை தாலுகா, திருப்பூர் மாவட்டம். 4) காந்தி ஒளவையார், 4/135, பலையாபாளையம் அஞ்சல், உடுமலை தாலுகா, திருப்பூர் மாவட்டம்.

உடுமலைப்பேட்டை நகரம்

அமைப்பாளர் - எஸ். பிரவீண்குமார் 62, திருப்பூர் ரோடு, எரிபாளையம், உடுமலை திருப்பூர் மாவட்டம்.

துணை அமைப்பாளர்கள் - 1) ர. கணேஷ்மூர்த்தி 11, ஜெய்லானி காலனி, உடுமலை, திருப்பூர் மாவட்டம். 2) ஜ. விஜய பிரகாஷ் 6/1, யூனியன்லேஷன், கரந்தங்கர், உடுமலைப்பேட்டை, திருப்பூர் மாவட்டம். 3) பி. அப்பாத்துரை 2/2ஏ, அருள்மொழி சந்து, உடுமலைப்பேட்டை, திருப்பூர் மாவட்டம். 4) எஸ். ஜெ. ராஜா முஹம்மது 1/18, ஆசாரி நகர், உடுமலைப்பேட்டை, திருப்பூர் மாவட்டம் 5) பி. மூர்த்தி 17, கச்சேரி வீதி, உடுமலைப்பேட்டை, திருப்பூர் மாவட்டம்.

தளி பேரூர்

அமைப்பாளர் - ஆ. தர்மராஜ் காமராஜ்நகர் காலனி, திருமூர்த்தி நகர் அஞ்சல், உடுமலை - 642126 திருப்பூர் மாவட்டம்.

துணை அமைப்பாளர்கள் - 1) ப. ஆறுமுகம் மங்கலா மேடு, திருமூர்த்தி நகர் அஞ்சல், உடுமலை - 642126 திருப்பூர் மாவட்டம். 2) க. கலைச்செல்வம் திருமூர்த்தி நகர் அஞ்சல், உடுமலை - 642126 திருப்பூர் மாவட்டம்.

சூளேஸ்வரன்பட்டி பேரூர்

அமைப்பாளர் - ஜி. சுப்பத்தூமார் 24, ராணி அண்ணாவீதி, சூளேஸ்வரன்பட்டி பொள்ளாச்சி-642006

துணை அமைப்பாளர்கள் - 1) எஸ். வரதமாணிக்கம் 8/16, திராவிடர் காலனி, ஜோதி நகர், சி காலனி, சூளேஸ்வரன்பட்டி, பொள்ளாச்சி-642006 2) எஸ். மணி 8, டி.சி. வீதி, சூளேஸ்வரன்பட்டி பொள்ளாச்சி-642006 3) ஓ. காந்தி தேசமுத்து வீதி, சூளேஸ்வரன்பட்டி, பொள்ளாச்சி-642006

ஜமீன் ஊத்துக்குளி பேரூர்

அமைப்பாளர் - என். சுணேசமூர்த்தி 88, காளியப்பன் தோட்டம், ஜமீன் ஊத்துக்குளி, பொள்ளாச்சி-642004

துணை அமைப்பாளர்கள் - 1) எம். காளீதாஸ் 15, சந்தாசாமி பிள்ளை வீதி, ஜமீன் ஊத்துக்குளி, பொள்ளாச்சி-642004 2) எஸ். ராஜேஸ் 46, ராமநாதபுரம் காலனி, ஜமீன் ஊத்துக்குளி, பொள்ளாச்சி-642004 3) கே. நாகராஜ் 74, பாலக்காடு ரோடு, ஜமீன் ஊத்துக்குளி, பொள்ளாச்சி-642004

சமத்தூர் பேரூர்

அமைப்பாளர் - மா. ஞானசேகர் 3/3, மடத்துவீதி, சமத்தூர் -642123. பொள்ளாச்சி.

துணை அமைப்பாளர்கள் - 1) சி. காளீதாஸ் 11/12, விநாயகர் கோவில் வீதி, சமத்தூர் -642123. பொள்ளாச்சி. 2) த. சுசீலா வர்கர் 8/7, பட்டனன் வீதி, சமத்தூர் -642123. பொள்ளாச்சி. 3) சு. வேணுகோபால் 33, மடத்து வீதி, சமத்தூர் -642123. பொள்ளாச்சி.

மடத்துக்குளம் பேரூர்

அமைப்பாளர் - ஏ. இலட்சுமணன், 50சி, சுப்பிரமணியநகர், கிருஷ்ணாபுரம் அஞ்சல், மடத்துக்குளம் -642113. திருப்பூர் மாவட்டம்.

துணை அமைப்பாளர்கள் - 1) ஆர். தியாகராஜன் 38/2, நக்கல பிள்ளையூர், மடத்துக்குளம்-642113, திருப்பூர் மாவட்டம் 2) சி. சிவக்குமார் 39, போந்த நாயக்கனூர், கிருஷ்ணாபுரம் அஞ்சல், மடத்துக்குளம் -642113. திருப்பூர் மாவட்டம். 3) ஆர். கிருஷ்ணசாமி 1, சாக்கார் கண்ணமநாயக்கனூர், மடத்துக்குளம் -642113. திருப்பூர் மாவட்டம்.

கணியூர் பேரூர்

அமைப்பாளர் - ஆர். சேகேர் அண்ணாநகர், கணியூர்-642203 திருப்பூர் மாவட்டம்.

துணை அமைப்பாளர்கள் - 1) ப. சரவணன், தேரோடும் வீதி, கணியூர்-642203 திருப்பூர் மாவட்டம் 2) குத்தூஸ், 1/40, கடத்தூர் சாலை, கணியூர்-642203 திருப்பூர் மாவட்டம். 3) சதீஷ்குமார், காமராஜ் வீதி, கணியூர்-642203 திருப்பூர் மாவட்டம்

கொமரலிங்கம் பேரூர்

அமைப்பாளர் - கே. கருப்புசாமி, 245, மெயின் ரோடு, கொமரலிங்கம்-647204. திருப்பூர் மாவட்டம்.

துணை அமைப்பாளர்கள் - 1) ஆர். பாலசுப்பிரமணியன் 1, மெயின் ரோடு, கொமரலிங்கம்-647204. திருப்பூர் மாவட்டம். 2) என். பாலசுப்பிரமணி 10, மெயின்ரோடு, கொமரலிங்கம்-647204. திருப்பூர் மாவட்டம். 3) எஸ். ரவிக்குமார் மெயின்ரோடு, கொமரலிங்கம்-647204. திருப்பூர் மாவட்டம்.

குறிப்பு : சங்கராமநல்லூர் பேரூர் பின்னர் அறிவிக்கப்படும்
தென்காசி வடக்கு மாவட்டம்
வாசுதேவநல்லூர் வடக்கு ஒன்றியம்

அமைப்பாளர் - எஸ். மணிகண்டன் 33, இராயகிரி மெயின் ரோடு, உ. தரைசி, சிவகிரி.

துணை அமைப்பாளர்கள் - 1) ஆ. ராமகிருஷ்ணன் வடக்கு ரைஸ்மில் தெரு, இராயகிரி, சிவகிரி 2) சி.ரமேஷ் 10, பாங்க் மாள் சாலை, தெற்கு சத்திரம், சிவகிரி 3) மே. மணிகண்டன் 80, மேற்கு தெரு, சிந்தப்பாண்டியபுரம், சிவகிரி 4) க. ராமசாமி, காந்தி தெரு, விஸ்வநாதபேரி, சிவகிரி. 4) ஏ. ராஜதுரை பிள்ளையார்கோவில் தெரு, சரவணாபுரம், இராமநாதபுரம் 5) சி. கொலுகுசாமி பாலக் 16, சிவகிரி - 167. ஸ்ரீகிருஷ்ணாபுரம் சிவகிரி.

வாசுதேவநல்லூர் தெற்கு ஒன்றியம்

அமைப்பாளர் - மா.செல்வம் 4/5,பாலசுந்தரவிநாயகர் கோவில் தெரு, வாசுதேவநல்லூர்,சிவகிரி

துணை அமைப்பாளர்கள் - 1) ராஜேந்திரகுமார் பள்ளிக்கூடத் தெரு, வெள்ளாளங்குளம்-வேலாக் 16, சிவகிரி 2) செல்லத்துரை அம்மன்கோவில் தெரு, மலையடிக்குறிச்சி, சிவகிரி 3) மாரிச் செல்வம் இராமநாதபுரம், காடையந்தூர் 4) முருகையா சிந்தாமணி, புளியங்குடி 5) மணிகண்டன் சிதம்பரபுரம், சிவகிரி

மேலநீலிதநல்லூர் மேற்கு ஒன்றியம்

அமைப்பாளர் -மகேஷ் 2/141.வடக்கு தெருசுப்பேசோமாங்கலம்

துணை அமைப்பாளர்கள் - 1) எஸ். மாரியப்பன் வடக்கு தெரு சேர்தக்குளம் 2) எஸ். சுரேஷ் தெற்கு தெரு பூவனிங்கநகர் 3) ம. பாக்கியசெல்வம் 7/291-1,மெயின்ரோடு நன்னகரம் 4) எஸ். சுப்பிரமணியன் 2/105, முத்தாலம்மன் கோவில் தெரு, வடக்குபுதூர் 5) அகஸ்டின் தங்கராஜ் 309, வடக்கு தெரு வன்னிக்கோனேந்தல்

மேலநீலிதநல்லூர் தெற்கு ஒன்றியம்

அமைப்பாளர் - எம். சீனிவாசகம் 56,கீழத்தெரு, மூவிருந்தாளி

துணை அமைப்பாளர்கள் - 1) சி. ஆனந்த் 1/106ஏ,கீழத்தெரு, சாலைபுதூர் மூவிருந்தாளி 2) அ.கருணாநிதி 6/270,காமராஜர் தெரு அச்சம்பட்டு 3) கே. செல்லபாண்டியன் 6/197,நடுத்தெரு

தொடர்ச்சி V-ஆம் பக்கம்
